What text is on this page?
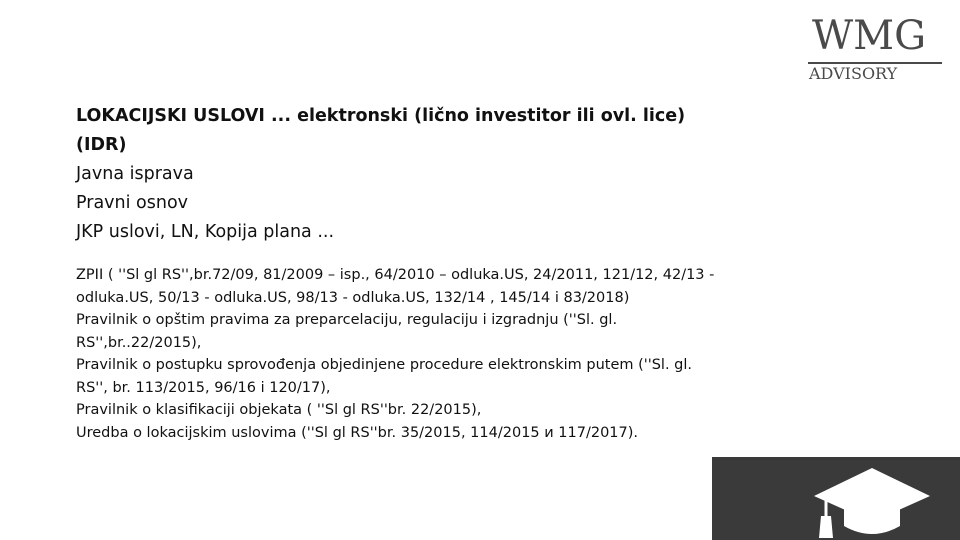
WMG
ADVISORY

LOKACIJSKI USLOVI ... elektronski (lično investitor ili ovl. lice)

(IDR)

Javna isprava

Pravni osnov

JKP uslovi, LN, Kopija plana ...

ZPII ( ''Sl gl RS'',br.72/09, 81/2009 – isp., 64/2010 – odluka.US, 24/2011, 121/12, 42/13 -

odluka.US, 50/13 - odluka.US, 98/13 - odluka.US, 132/14 , 145/14 i 83/2018)

Pravilnik o opštim pravima za preparcelaciju, regulaciju i izgradnju (''Sl. gl.

RS'',br..22/2015),

Pravilnik o postupku sprovođenja objedinjene procedure elektronskim putem (''Sl. gl.

RS'', br. 113/2015, 96/16 i 120/17),

Pravilnik o klasifikaciji objekata ( ''Sl gl RS''br. 22/2015),

Uredba o lokacijskim uslovima (''Sl gl RS''br. 35/2015, 114/2015 и 117/2017).
